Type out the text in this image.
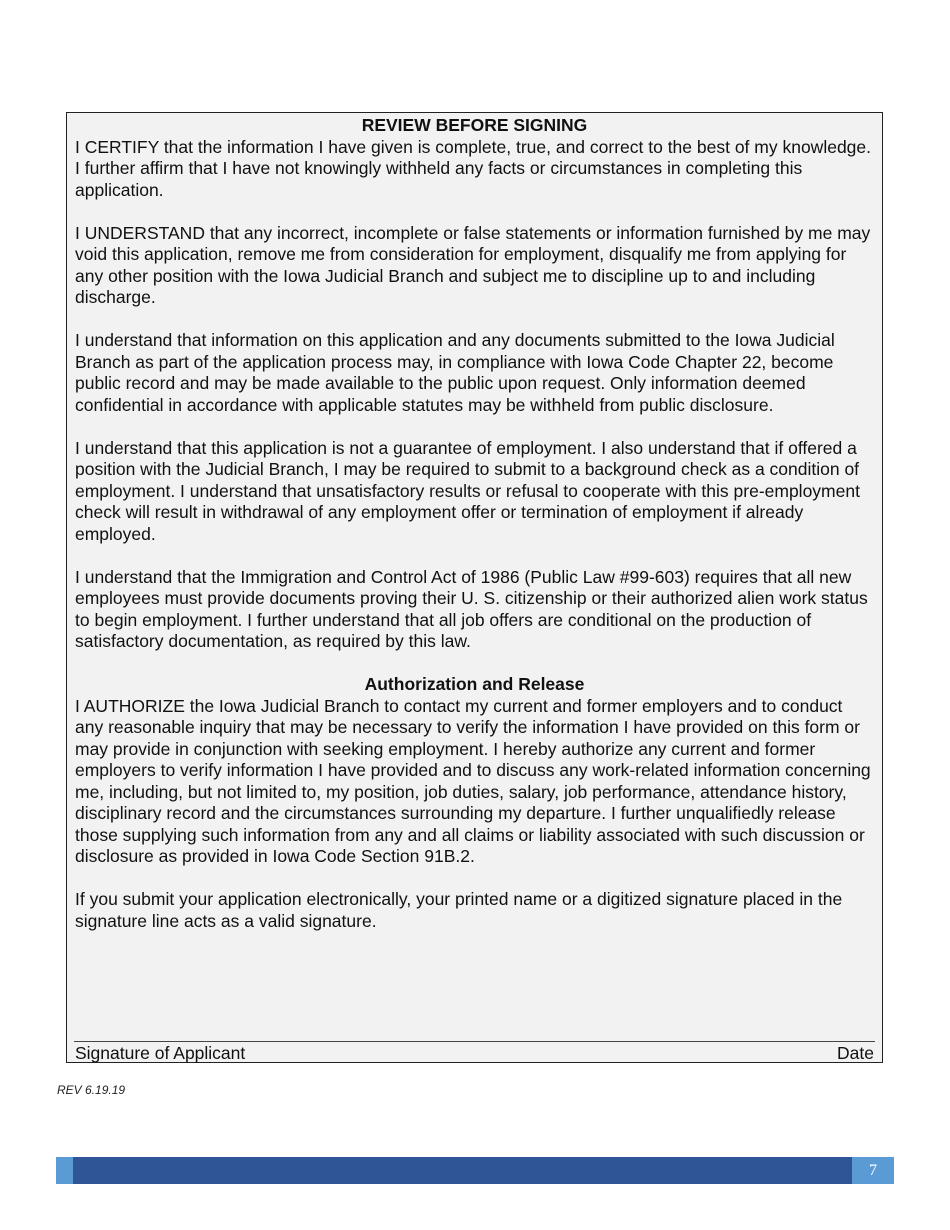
REVIEW BEFORE SIGNING

I CERTIFY that the information I have given is complete, true, and correct to the best of my knowledge. I further affirm that I have not knowingly withheld any facts or circumstances in completing this application.

I UNDERSTAND that any incorrect, incomplete or false statements or information furnished by me may void this application, remove me from consideration for employment, disqualify me from applying for any other position with the Iowa Judicial Branch and subject me to discipline up to and including discharge.

I understand that information on this application and any documents submitted to the Iowa Judicial Branch as part of the application process may, in compliance with Iowa Code Chapter 22, become public record and may be made available to the public upon request. Only information deemed confidential in accordance with applicable statutes may be withheld from public disclosure.

I understand that this application is not a guarantee of employment. I also understand that if offered a position with the Judicial Branch, I may be required to submit to a background check as a condition of employment. I understand that unsatisfactory results or refusal to cooperate with this pre-employment check will result in withdrawal of any employment offer or termination of employment if already employed.

I understand that the Immigration and Control Act of 1986 (Public Law #99-603) requires that all new employees must provide documents proving their U. S. citizenship or their authorized alien work status to begin employment. I further understand that all job offers are conditional on the production of satisfactory documentation, as required by this law.

Authorization and Release

I AUTHORIZE the Iowa Judicial Branch to contact my current and former employers and to conduct any reasonable inquiry that may be necessary to verify the information I have provided on this form or may provide in conjunction with seeking employment. I hereby authorize any current and former employers to verify information I have provided and to discuss any work-related information concerning me, including, but not limited to, my position, job duties, salary, job performance, attendance history, disciplinary record and the circumstances surrounding my departure. I further unqualifiedly release those supplying such information from any and all claims or liability associated with such discussion or disclosure as provided in Iowa Code Section 91B.2.

If you submit your application electronically, your printed name or a digitized signature placed in the signature line acts as a valid signature.

Signature of Applicant	Date
REV 6.19.19
7
